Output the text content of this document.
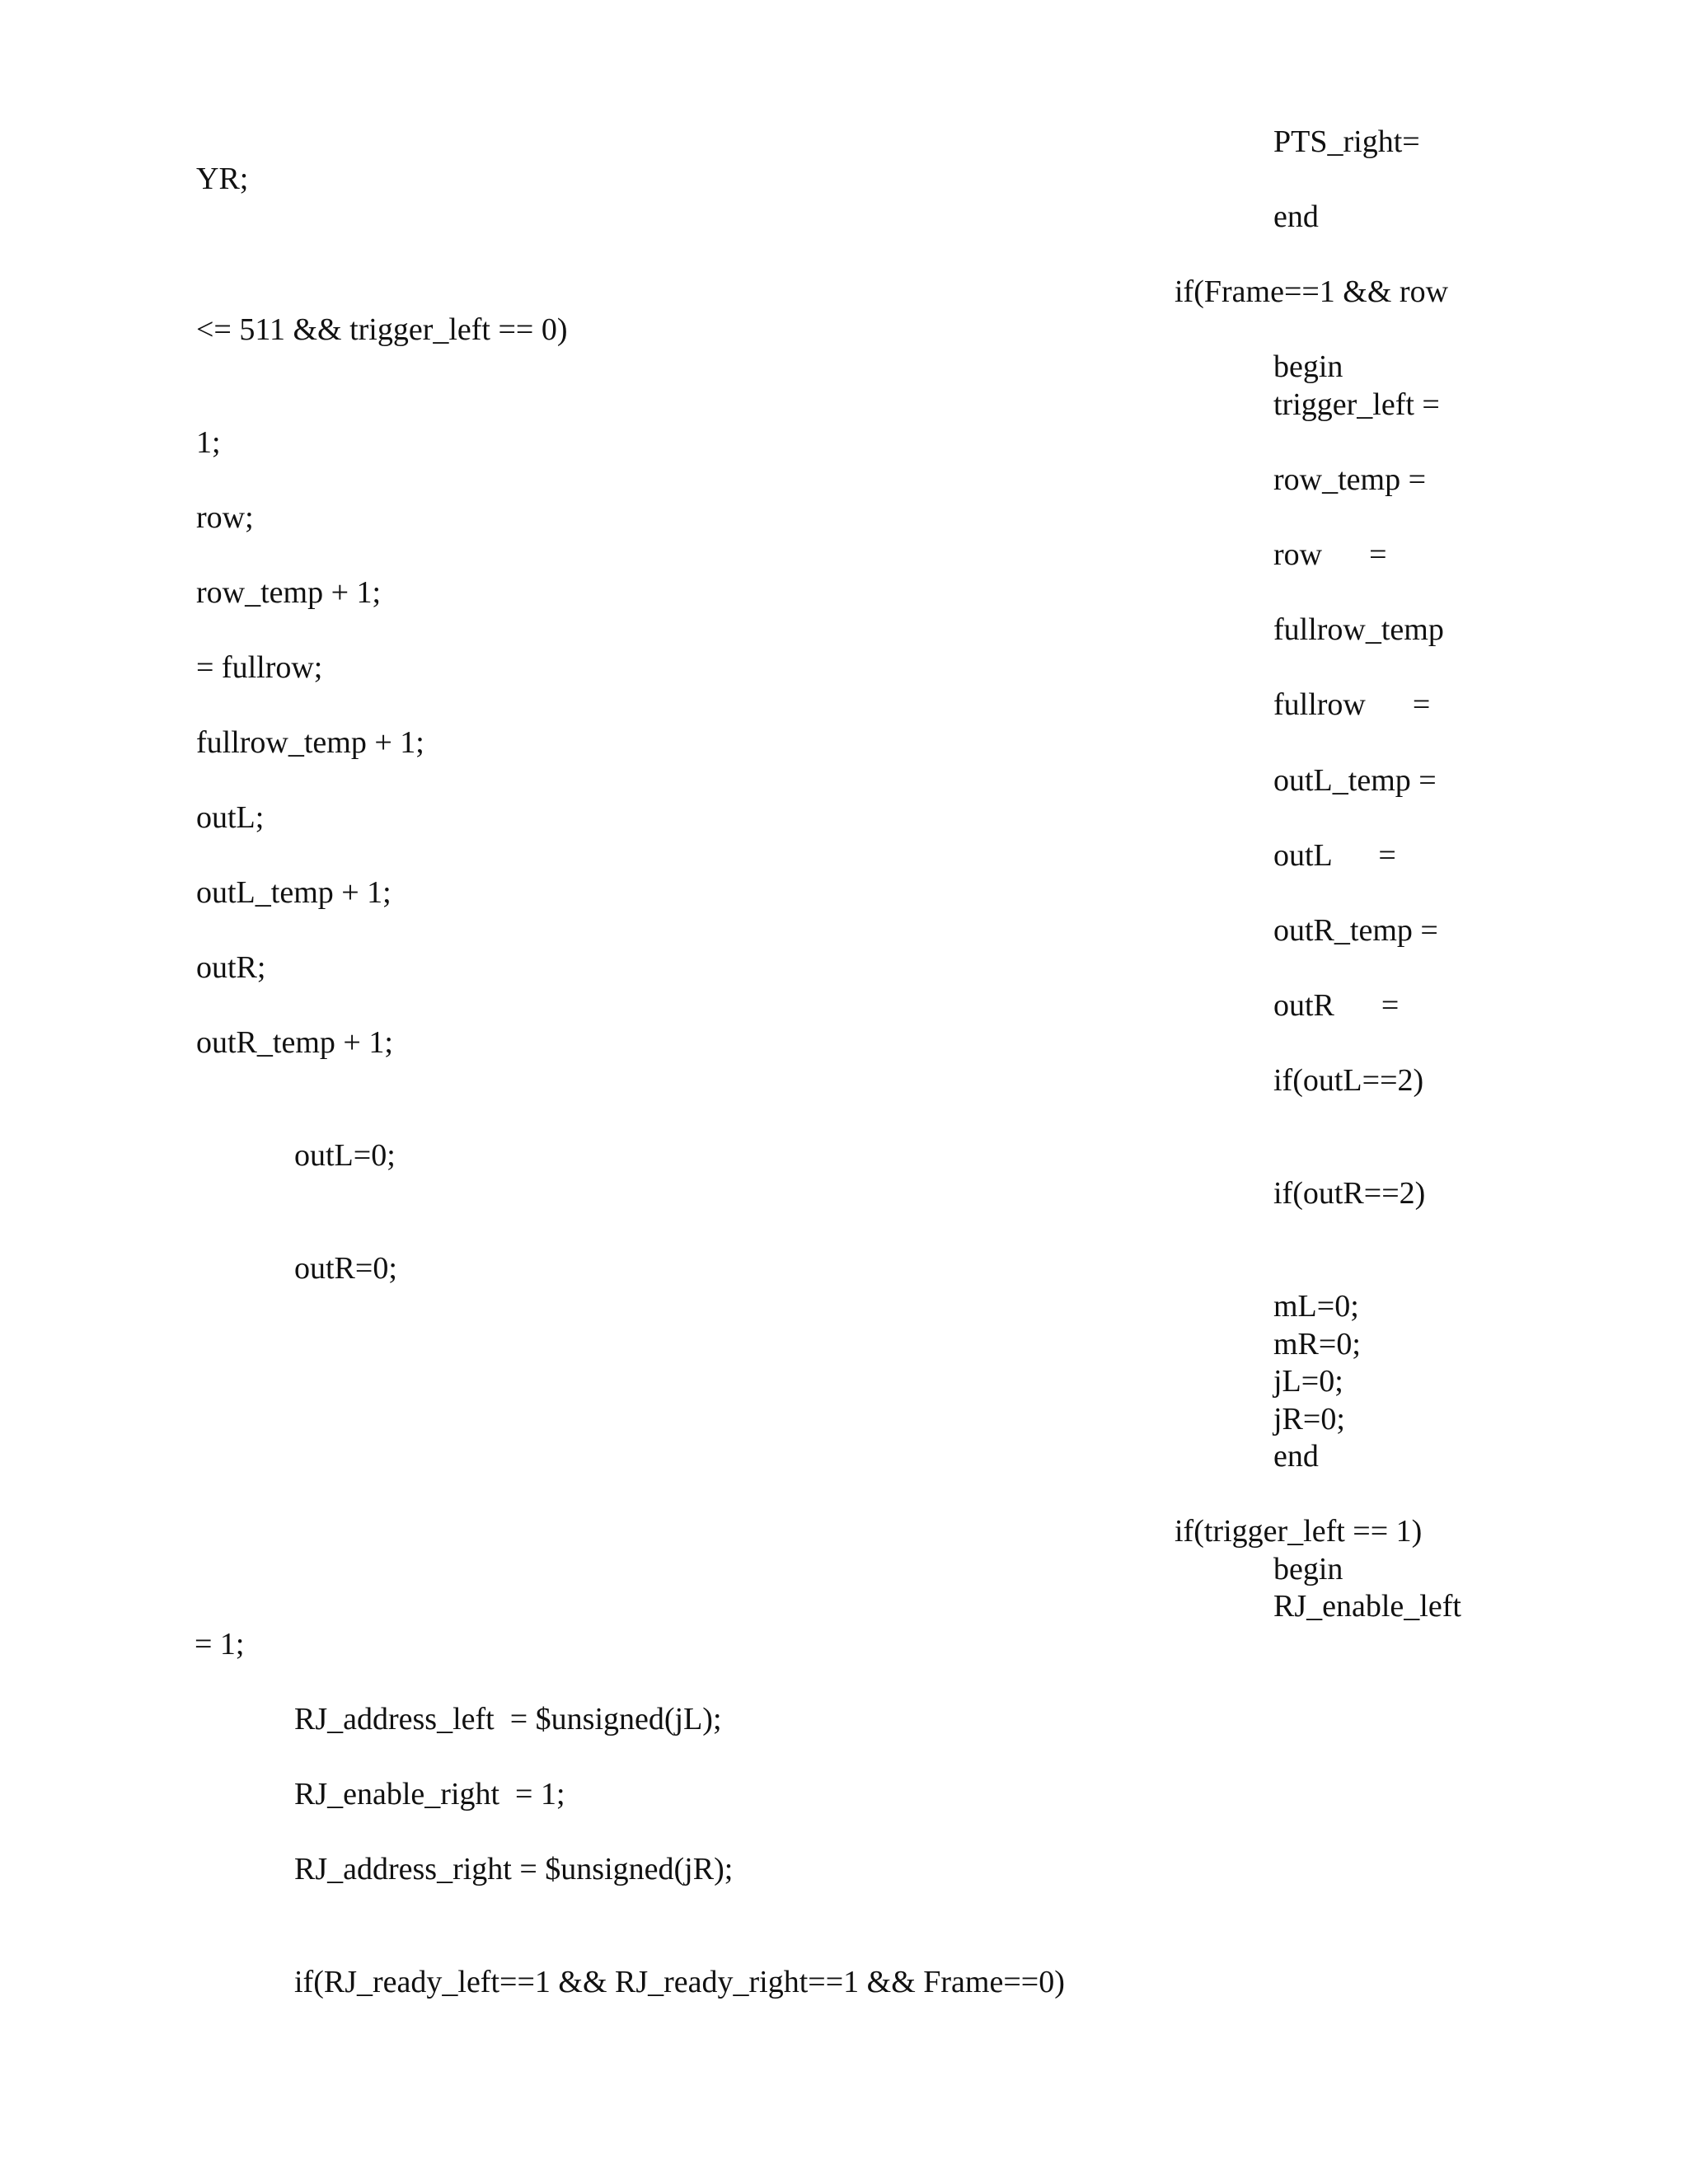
PTS_right=
YR;
end
if(Frame==1 && row
<= 511 && trigger_left == 0)
begin
trigger_left =
1;
row_temp =
row;
row      =
row_temp + 1;
fullrow_temp
= fullrow;
fullrow      =
fullrow_temp + 1;
outL_temp =
outL;
outL      =
outL_temp + 1;
outR_temp =
outR;
outR      =
outR_temp + 1;
if(outL==2)
outL=0;
if(outR==2)
outR=0;
mL=0;
mR=0;
jL=0;
jR=0;
end
if(trigger_left == 1)
begin
RJ_enable_left
= 1;
RJ_address_left  = $unsigned(jL);
RJ_enable_right  = 1;
RJ_address_right = $unsigned(jR);
if(RJ_ready_left==1 && RJ_ready_right==1 && Frame==0)
